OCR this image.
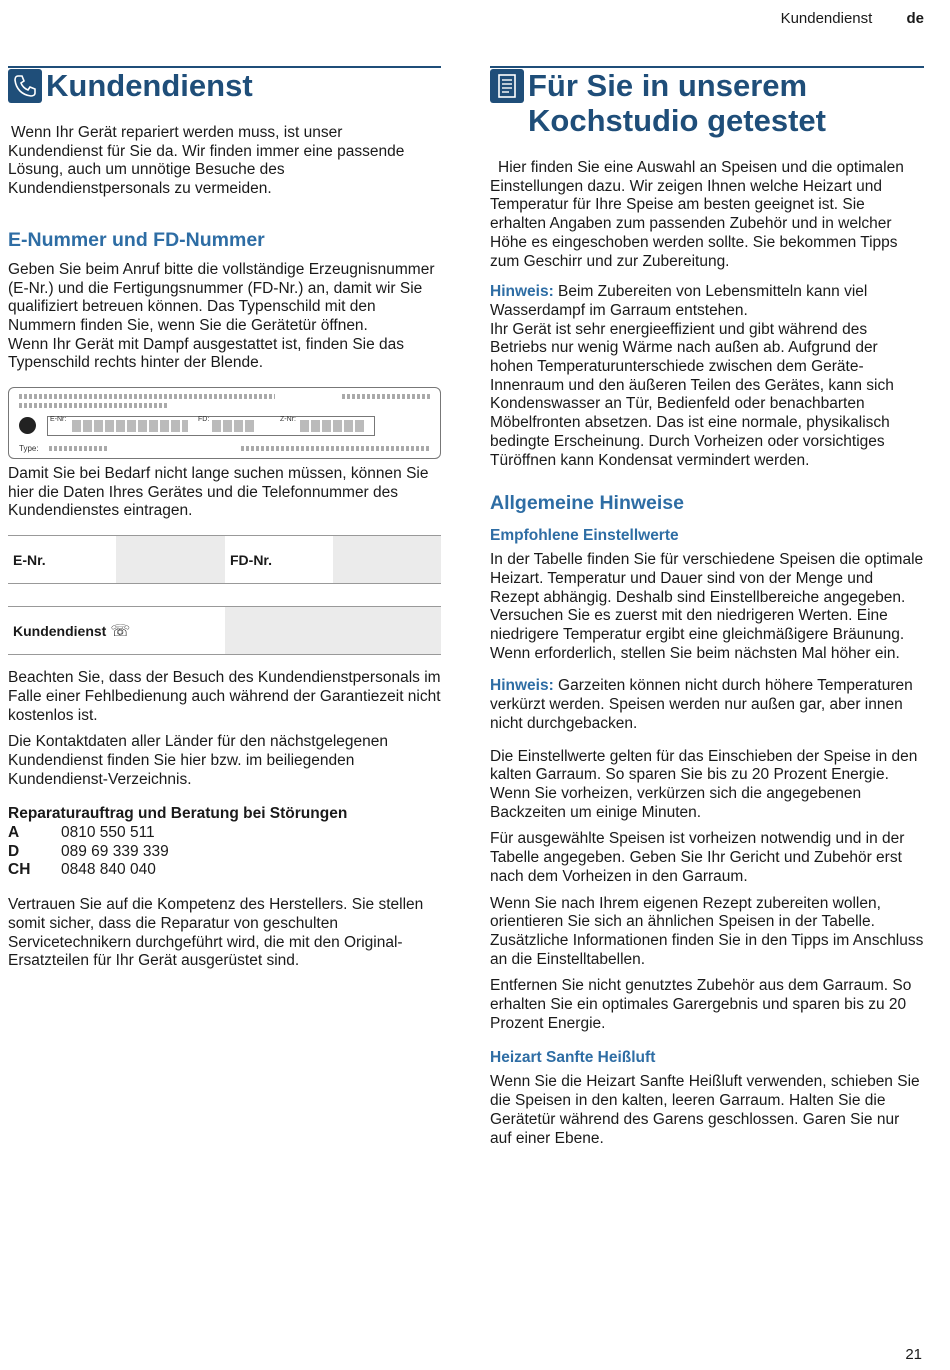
Kundendienst de
Kundendienst

Wenn Ihr Gerät repariert werden muss, ist unser Kundendienst für Sie da. Wir finden immer eine passende Lösung, auch um unnötige Besuche des Kundendienstpersonals zu vermeiden.

E-Nummer und FD-Nummer

Geben Sie beim Anruf bitte die vollständige Erzeugnisnummer (E-Nr.) und die Fertigungsnummer (FD-Nr.) an, damit wir Sie qualifiziert betreuen können. Das Typenschild mit den Nummern finden Sie, wenn Sie die Gerätetür öffnen.

Wenn Ihr Gerät mit Dampf ausgestattet ist, finden Sie das Typenschild rechts hinter der Blende.

E-Nr:	FD:	Z-Nr:
Type:

Damit Sie bei Bedarf nicht lange suchen müssen, können Sie hier die Daten Ihres Gerätes und die Telefonnummer des Kundendienstes eintragen.

E-Nr.	FD-Nr.
Kundendienst ☏

Beachten Sie, dass der Besuch des Kundendienstpersonals im Falle einer Fehlbedienung auch während der Garantiezeit nicht kostenlos ist.

Die Kontaktdaten aller Länder für den nächstgelegenen Kundendienst finden Sie hier bzw. im beiliegenden Kundendienst-Verzeichnis.

Reparaturauftrag und Beratung bei Störungen

A	0810 550 511
D	089 69 339 339
CH	0848 840 040

Vertrauen Sie auf die Kompetenz des Herstellers. Sie stellen somit sicher, dass die Reparatur von geschulten Servicetechnikern durchgeführt wird, die mit den Original-Ersatzteilen für Ihr Gerät ausgerüstet sind.

Für Sie in unserem
Kochstudio getestet

Hier finden Sie eine Auswahl an Speisen und die optimalen Einstellungen dazu. Wir zeigen Ihnen welche Heizart und Temperatur für Ihre Speise am besten geeignet ist. Sie erhalten Angaben zum passenden Zubehör und in welcher Höhe es eingeschoben werden sollte. Sie bekommen Tipps zum Geschirr und zur Zubereitung.

Hinweis: Beim Zubereiten von Lebensmitteln kann viel Wasserdampf im Garraum entstehen.

Ihr Gerät ist sehr energieeffizient und gibt während des Betriebs nur wenig Wärme nach außen ab. Aufgrund der hohen Temperaturunterschiede zwischen dem Geräte-Innenraum und den äußeren Teilen des Gerätes, kann sich Kondenswasser an Tür, Bedienfeld oder benachbarten Möbelfronten absetzen. Das ist eine normale, physikalisch bedingte Erscheinung. Durch Vorheizen oder vorsichtiges Türöffnen kann Kondensat vermindert werden.

Allgemeine Hinweise
Empfohlene Einstellwerte

In der Tabelle finden Sie für verschiedene Speisen die optimale Heizart. Temperatur und Dauer sind von der Menge und Rezept abhängig. Deshalb sind Einstellbereiche angegeben. Versuchen Sie es zuerst mit den niedrigeren Werten. Eine niedrigere Temperatur ergibt eine gleichmäßigere Bräunung. Wenn erforderlich, stellen Sie beim nächsten Mal höher ein.

Hinweis: Garzeiten können nicht durch höhere Temperaturen verkürzt werden. Speisen werden nur außen gar, aber innen nicht durchgebacken.

Die Einstellwerte gelten für das Einschieben der Speise in den kalten Garraum. So sparen Sie bis zu 20 Prozent Energie. Wenn Sie vorheizen, verkürzen sich die angegebenen Backzeiten um einige Minuten.

Für ausgewählte Speisen ist vorheizen notwendig und in der Tabelle angegeben. Geben Sie Ihr Gericht und Zubehör erst nach dem Vorheizen in den Garraum.

Wenn Sie nach Ihrem eigenen Rezept zubereiten wollen, orientieren Sie sich an ähnlichen Speisen in der Tabelle. Zusätzliche Informationen finden Sie in den Tipps im Anschluss an die Einstelltabellen.

Entfernen Sie nicht genutztes Zubehör aus dem Garraum. So erhalten Sie ein optimales Garergebnis und sparen bis zu 20 Prozent Energie.

Heizart Sanfte Heißluft

Wenn Sie die Heizart Sanfte Heißluft verwenden, schieben Sie die Speisen in den kalten, leeren Garraum. Halten Sie die Gerätetür während des Garens geschlossen. Garen Sie nur auf einer Ebene.

21
